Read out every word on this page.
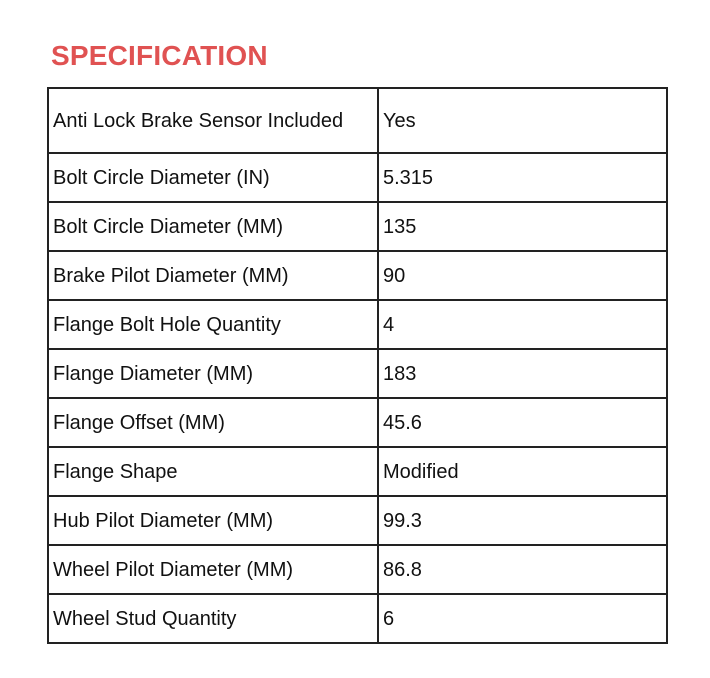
SPECIFICATION
Anti Lock Brake Sensor Included	Yes
Bolt Circle Diameter (IN)	5.315
Bolt Circle Diameter (MM)	135
Brake Pilot Diameter (MM)	90
Flange Bolt Hole Quantity	4
Flange Diameter (MM)	183
Flange Offset (MM)	45.6
Flange Shape	Modified
Hub Pilot Diameter (MM)	99.3
Wheel Pilot Diameter (MM)	86.8
Wheel Stud Quantity	6
